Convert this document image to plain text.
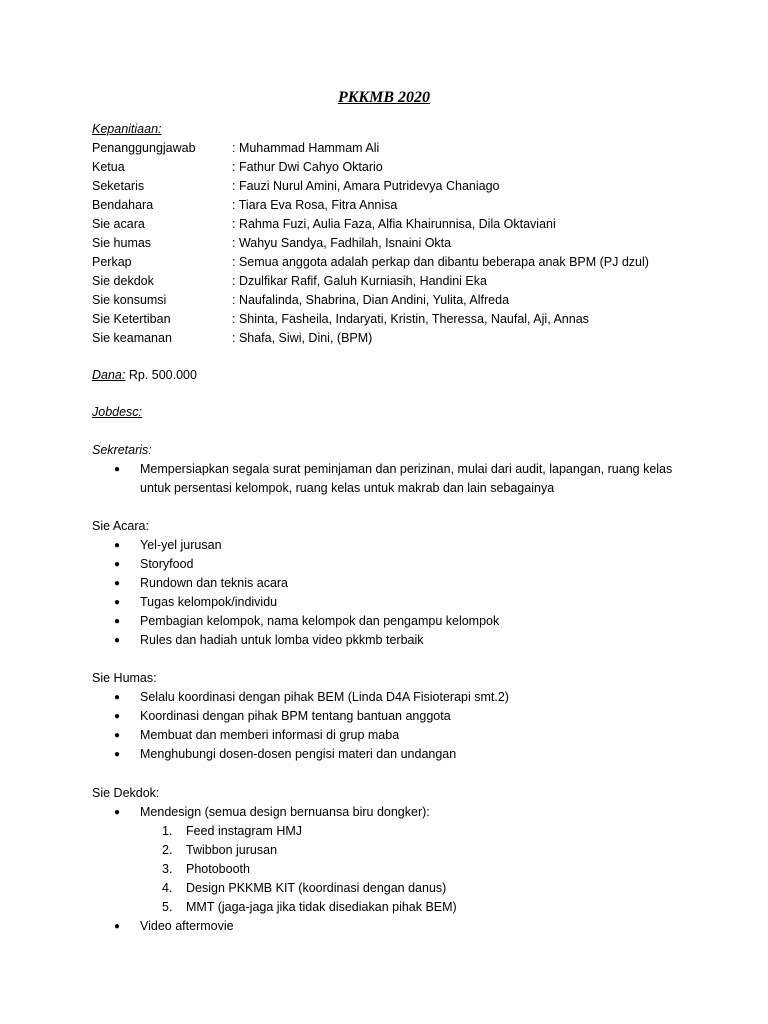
PKKMB 2020
Kepanitiaan:
Penanggungjawab	: Muhammad Hammam Ali
Ketua	: Fathur Dwi Cahyo Oktario
Seketaris	: Fauzi Nurul Amini, Amara Putridevya Chaniago
Bendahara	: Tiara Eva Rosa, Fitra Annisa
Sie acara	: Rahma Fuzi, Aulia Faza, Alfia Khairunnisa, Dila Oktaviani
Sie humas	: Wahyu Sandya, Fadhilah, Isnaini Okta
Perkap	: Semua anggota adalah perkap dan dibantu beberapa anak BPM (PJ dzul)
Sie dekdok	: Dzulfikar Rafif, Galuh Kurniasih, Handini Eka
Sie konsumsi	: Naufalinda, Shabrina, Dian Andini, Yulita, Alfreda
Sie Ketertiban	: Shinta, Fasheila, Indaryati, Kristin, Theressa, Naufal, Aji, Annas
Sie keamanan	: Shafa, Siwi, Dini, (BPM)
Dana: Rp. 500.000
Jobdesc:
Sekretaris:
●	Mempersiapkan segala surat peminjaman dan perizinan, mulai dari audit, lapangan, ruang kelas untuk persentasi kelompok, ruang kelas untuk makrab dan lain sebagainya
Sie Acara:
●	Yel-yel jurusan
●	Storyfood
●	Rundown dan teknis acara
●	Tugas kelompok/individu
●	Pembagian kelompok, nama kelompok dan pengampu kelompok
●	Rules dan hadiah untuk lomba video pkkmb terbaik
Sie Humas:
●	Selalu koordinasi dengan pihak BEM (Linda D4A Fisioterapi smt.2)
●	Koordinasi dengan pihak BPM tentang bantuan anggota
●	Membuat dan memberi informasi di grup maba
●	Menghubungi dosen-dosen pengisi materi dan undangan
Sie Dekdok:
●	Mendesign (semua design bernuansa biru dongker):
1.	Feed instagram HMJ
2.	Twibbon jurusan
3.	Photobooth
4.	Design PKKMB KIT (koordinasi dengan danus)
5.	MMT (jaga-jaga jika tidak disediakan pihak BEM)
●	Video aftermovie
